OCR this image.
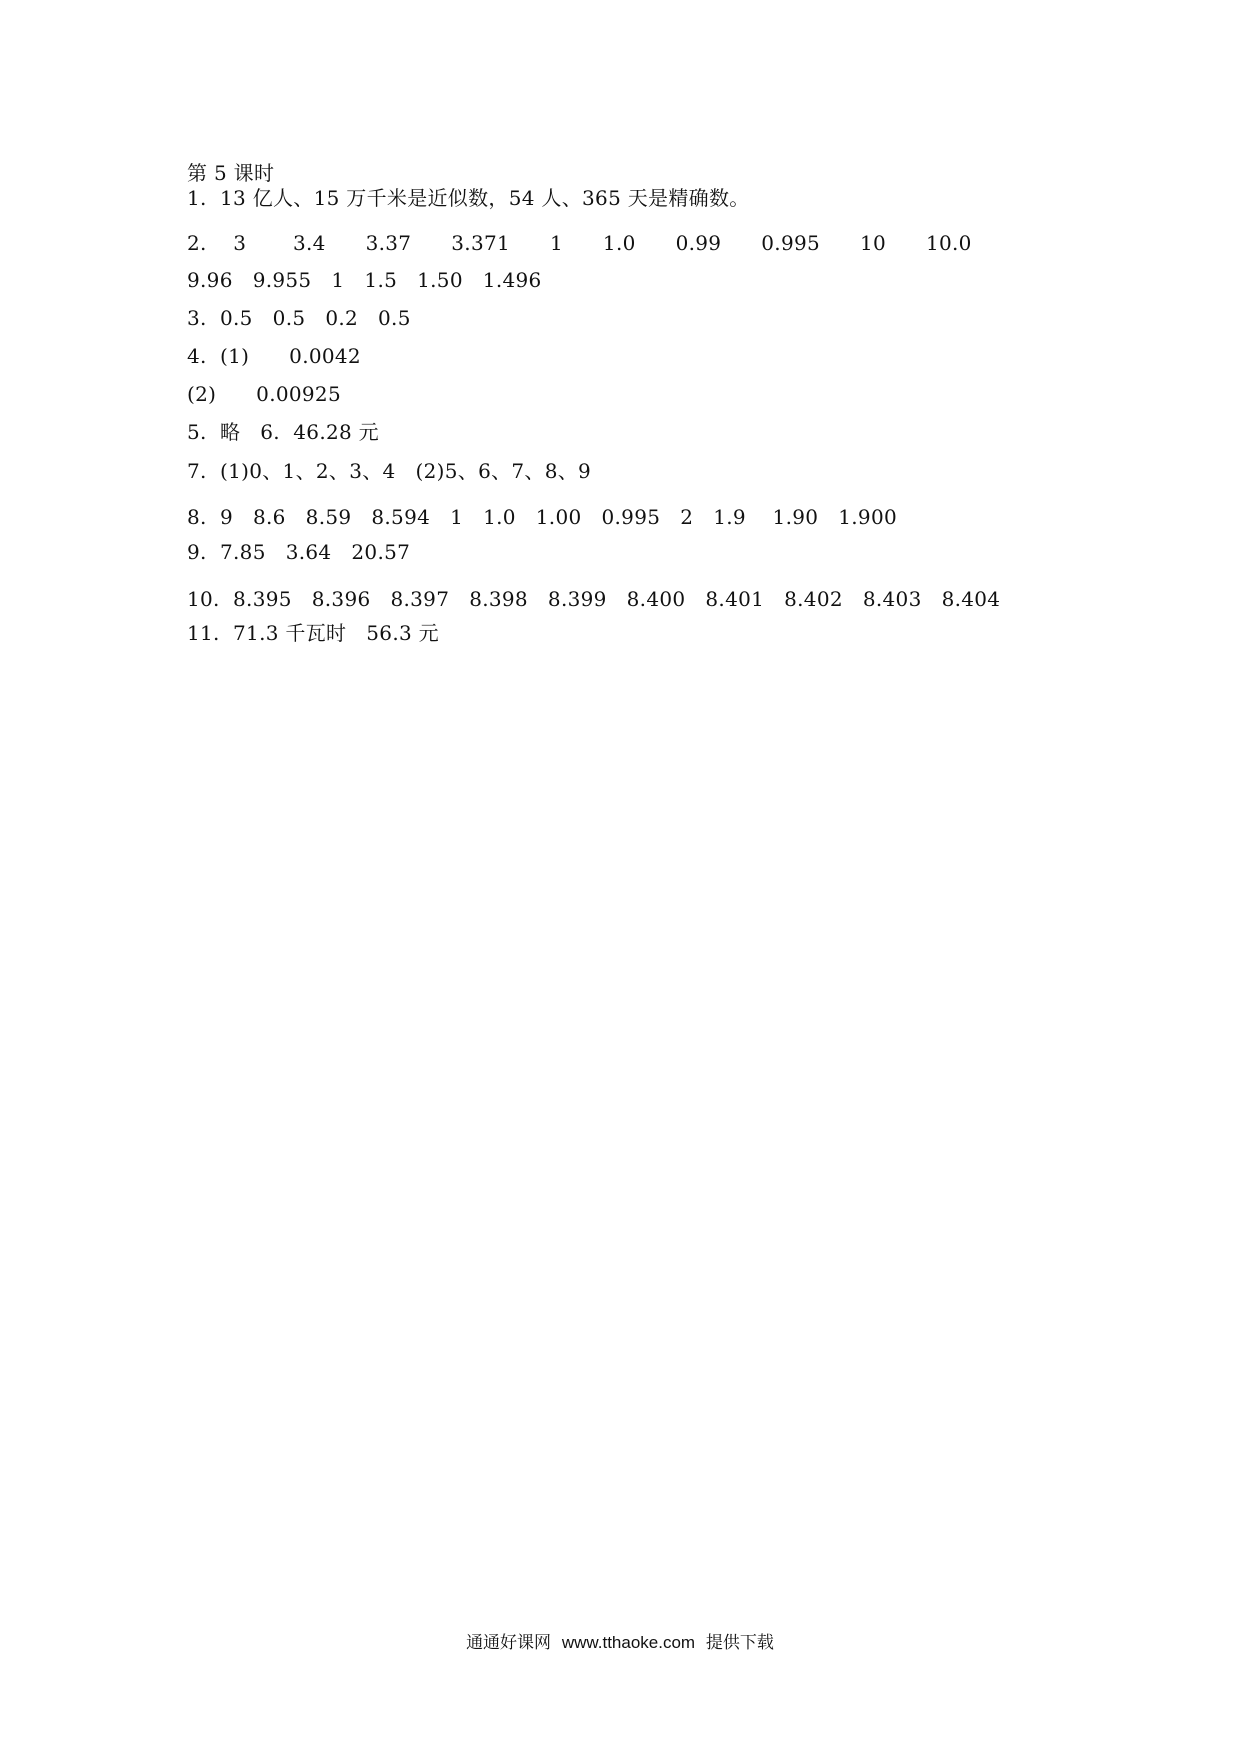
第 5 课时
1.  13 亿人、15 万千米是近似数，54 人、365 天是精确数。
2.    3       3.4      3.37      3.371      1      1.0      0.99      0.995      10      10.0
9.96   9.955   1   1.5   1.50   1.496
3.  0.5   0.5   0.2   0.5
4.  (1)      0.0042
(2)      0.00925
5.  略   6.  46.28 元
7.  (1)0、1、2、3、4   (2)5、6、7、8、9
8.  9   8.6   8.59   8.594   1   1.0   1.00   0.995   2   1.9    1.90   1.900
9.  7.85   3.64   20.57
10.  8.395   8.396   8.397   8.398   8.399   8.400   8.401   8.402   8.403   8.404
11.  71.3 千瓦时   56.3 元
通通好课网 www.tthaoke.com 提供下载
